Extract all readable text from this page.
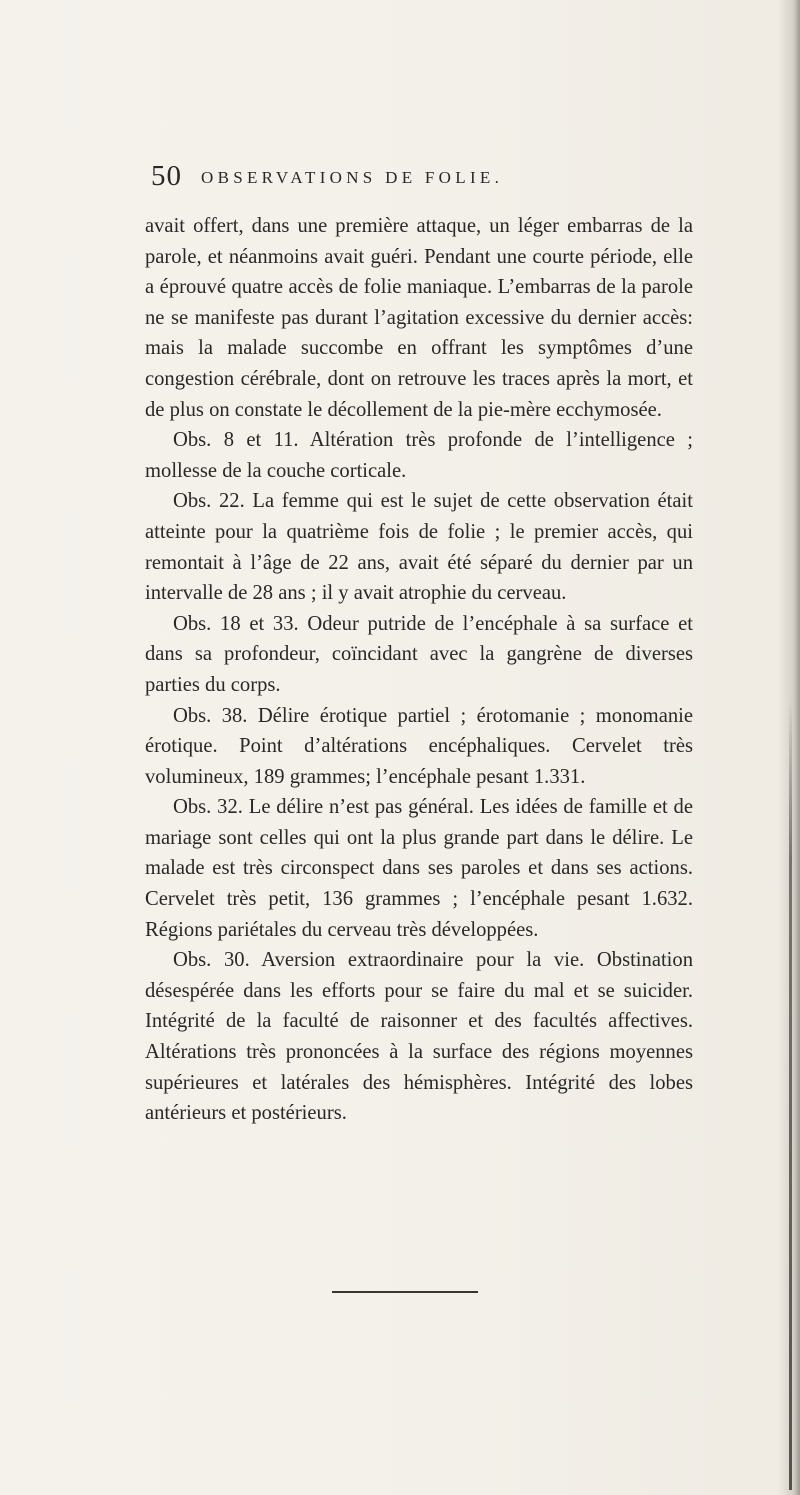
50 OBSERVATIONS DE FOLIE.

avait offert, dans une première attaque, un léger embarras de la parole, et néanmoins avait guéri. Pendant une courte période, elle a éprouvé quatre accès de folie maniaque. L’embarras de la parole ne se manifeste pas durant l’agitation excessive du dernier accès: mais la malade succombe en offrant les symptômes d’une congestion cérébrale, dont on retrouve les traces après la mort, et de plus on constate le décollement de la pie-mère ecchymosée.

Obs. 8 et 11. Altération très profonde de l’intelligence ; mollesse de la couche corticale.

Obs. 22. La femme qui est le sujet de cette observation était atteinte pour la quatrième fois de folie ; le premier accès, qui remontait à l’âge de 22 ans, avait été séparé du dernier par un intervalle de 28 ans ; il y avait atrophie du cerveau.

Obs. 18 et 33. Odeur putride de l’encéphale à sa surface et dans sa profondeur, coïncidant avec la gangrène de diverses parties du corps.

Obs. 38. Délire érotique partiel ; érotomanie ; monomanie érotique. Point d’altérations encéphaliques. Cervelet très volumineux, 189 grammes; l’encéphale pesant 1.331.

Obs. 32. Le délire n’est pas général. Les idées de famille et de mariage sont celles qui ont la plus grande part dans le délire. Le malade est très circonspect dans ses paroles et dans ses actions. Cervelet très petit, 136 grammes ; l’encéphale pesant 1.632. Régions pariétales du cerveau très développées.

Obs. 30. Aversion extraordinaire pour la vie. Obstination désespérée dans les efforts pour se faire du mal et se suicider. Intégrité de la faculté de raisonner et des facultés affectives. Altérations très prononcées à la surface des régions moyennes supérieures et latérales des hémisphères. Intégrité des lobes antérieurs et postérieurs.
